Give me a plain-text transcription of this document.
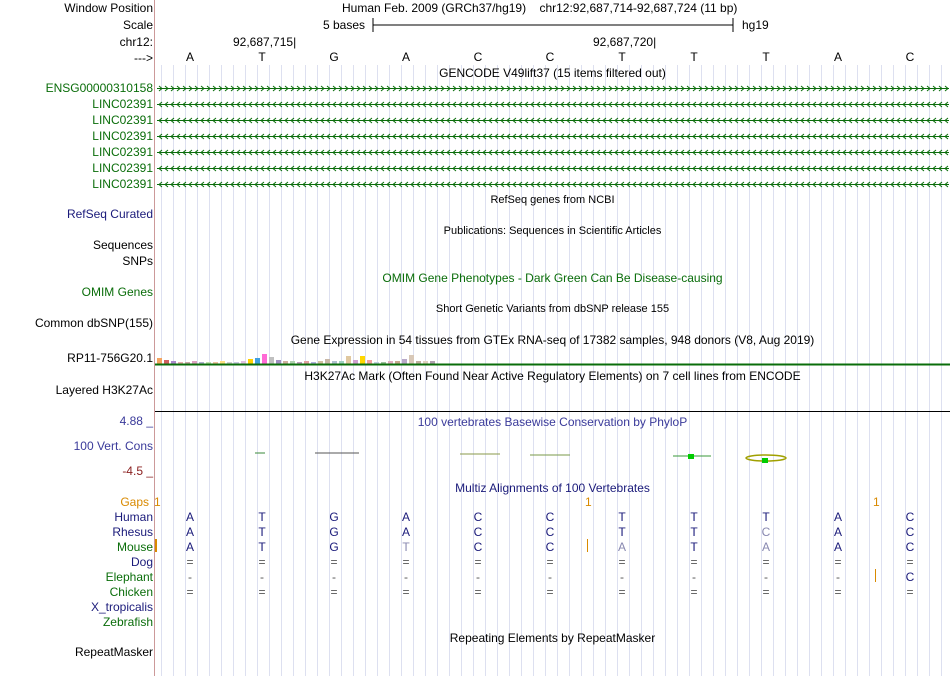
Window Position
Scale
chr12:
--->
Human Feb. 2009 (GRCh37/hg19) chr12:92,687,714-92,687,724 (11 bp)
5 bases	hg19
92,687,715|	92,687,720|
A	T	G	A	C	C	T	T	T	A	C
GENCODE V49lift37 (15 items filtered out)
ENSG00000310158
LINC02391
LINC02391
LINC02391
LINC02391
LINC02391
LINC02391
RefSeq genes from NCBI
RefSeq Curated
Publications: Sequences in Scientific Articles
Sequences
SNPs
OMIM Gene Phenotypes - Dark Green Can Be Disease-causing
OMIM Genes
Short Genetic Variants from dbSNP release 155
Common dbSNP(155)
Gene Expression in 54 tissues from GTEx RNA-seq of 17382 samples, 948 donors (V8, Aug 2019)
RP11-756G20.1
H3K27Ac Mark (Often Found Near Active Regulatory Elements) on 7 cell lines from ENCODE
Layered H3K27Ac
100 vertebrates Basewise Conservation by PhyloP
4.88 _
100 Vert. Cons
-4.5 _
Multiz Alignments of 100 Vertebrates
Gaps 1	1	1
Human	A	T	G	A	C	C	T	T	T	A	C
Rhesus	A	T	G	A	C	C	T	T	C	A	C
Mouse	A	T	G	T	C	C	A	T	A	A	C
Dog	=	=	=	=	=	=	=	=	=	=	=
Elephant	-	-	-	-	-	-	-	-	-	-	C
Chicken	=	=	=	=	=	=	=	=	=	=	=
X_tropicalis
Zebrafish
Repeating Elements by RepeatMasker
RepeatMasker
